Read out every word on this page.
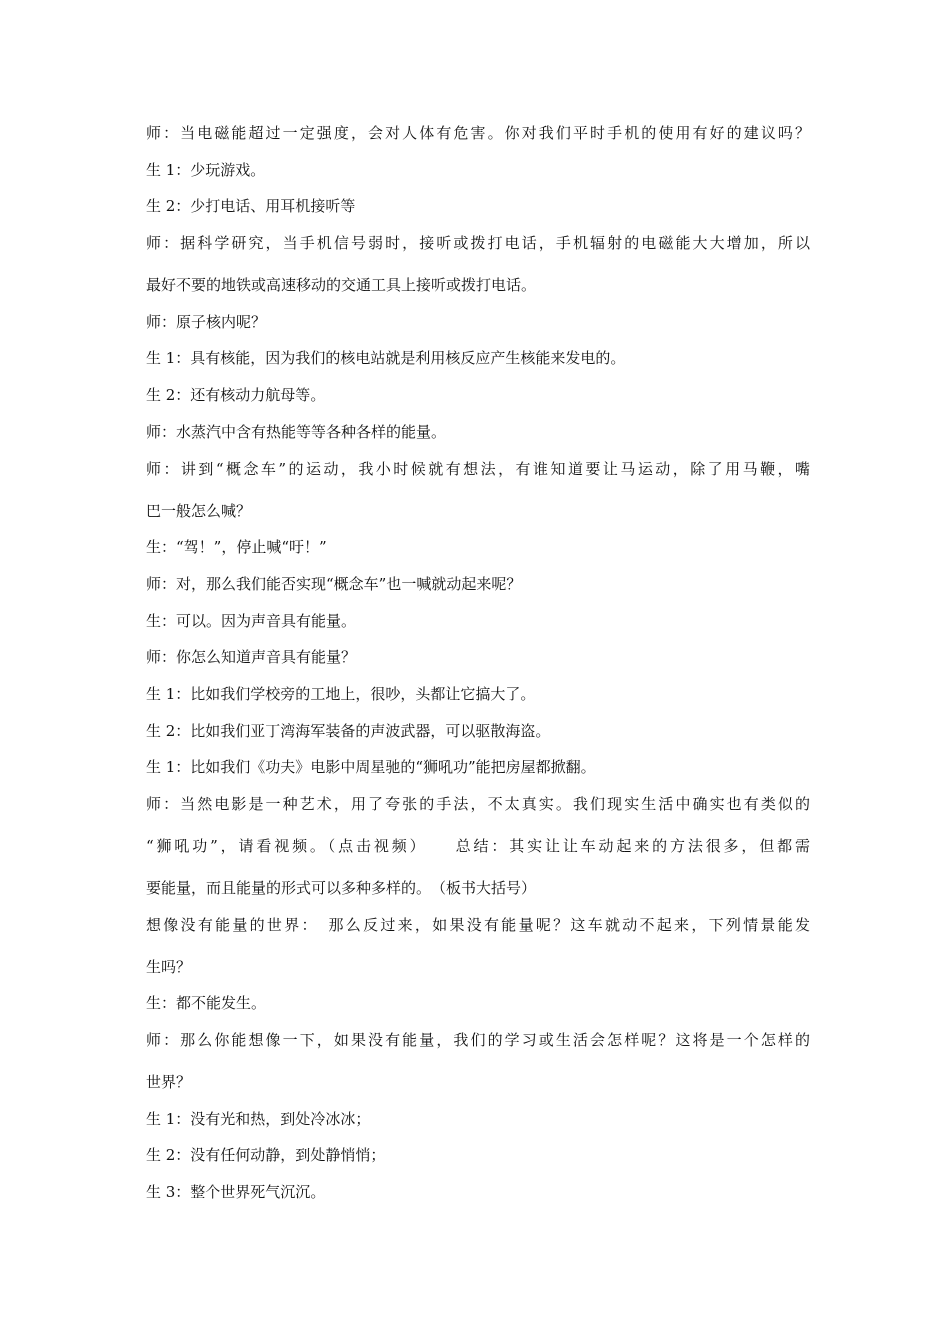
师：当电磁能超过一定强度，会对人体有危害。你对我们平时手机的使用有好的建议吗？
生 1：少玩游戏。
生 2：少打电话、用耳机接听等
师：据科学研究，当手机信号弱时，接听或拨打电话，手机辐射的电磁能大大增加，所以
最好不要的地铁或高速移动的交通工具上接听或拨打电话。
师：原子核内呢？
生 1：具有核能，因为我们的核电站就是利用核反应产生核能来发电的。
生 2：还有核动力航母等。
师：水蒸汽中含有热能等等各种各样的能量。
师：讲到“概念车”的运动，我小时候就有想法，有谁知道要让马运动，除了用马鞭，嘴
巴一般怎么喊？
生：“驾！”，停止喊“吁！”
师：对，那么我们能否实现“概念车”也一喊就动起来呢？
生：可以。因为声音具有能量。
师：你怎么知道声音具有能量？
生 1：比如我们学校旁的工地上，很吵，头都让它搞大了。
生 2：比如我们亚丁湾海军装备的声波武器，可以驱散海盗。
生 1：比如我们《功夫》电影中周星驰的“狮吼功”能把房屋都掀翻。
师：当然电影是一种艺术，用了夸张的手法，不太真实。我们现实生活中确实也有类似的
“狮吼功”，请看视频。（点击视频）　　总结：其实让让车动起来的方法很多，但都需
要能量，而且能量的形式可以多种多样的。　（板书大括号）
想像没有能量的世界：　那么反过来，如果没有能量呢？这车就动不起来，下列情景能发
生吗？
生：都不能发生。
师：那么你能想像一下，如果没有能量，我们的学习或生活会怎样呢？这将是一个怎样的
世界？
生 1：没有光和热，到处冷冰冰；
生 2：没有任何动静，到处静悄悄；
生 3：整个世界死气沉沉。
